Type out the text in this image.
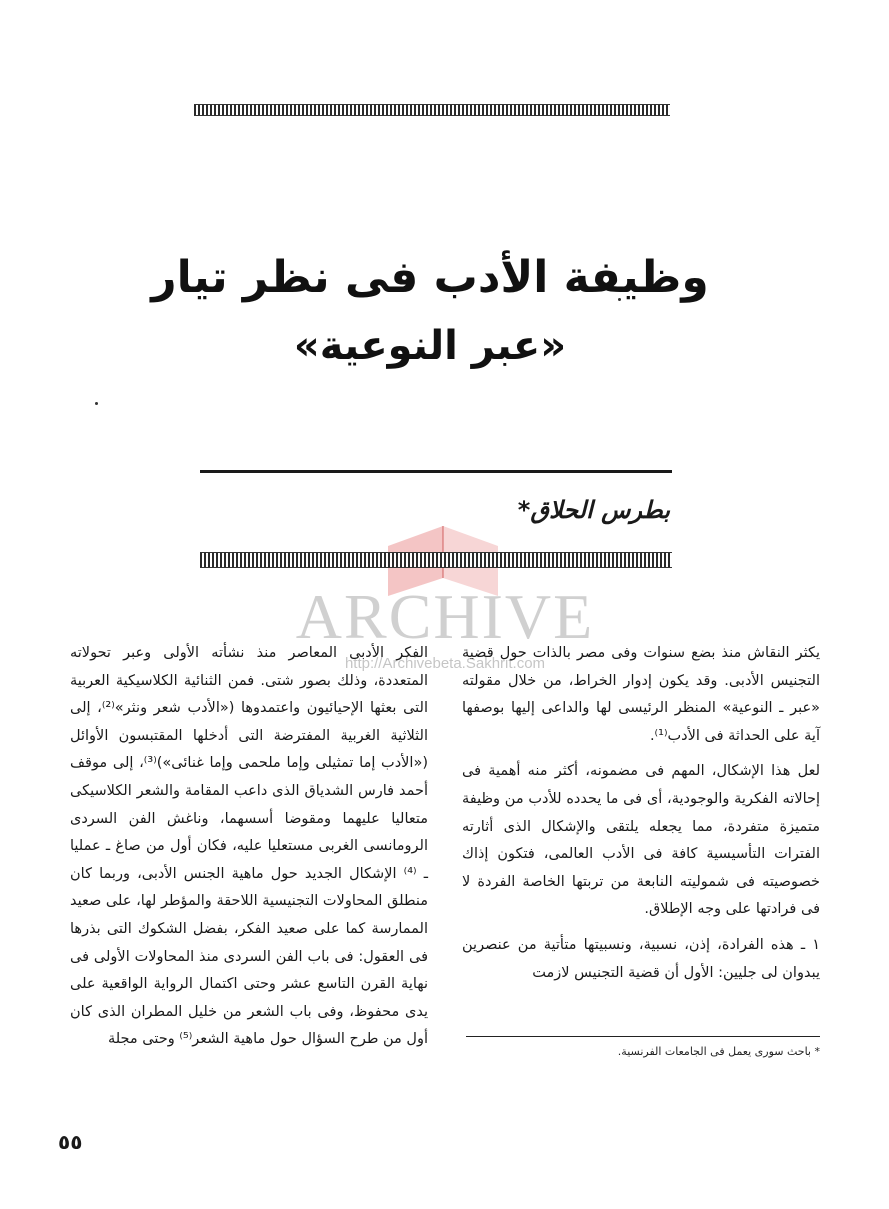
وظيفة الأدب فى نظر تيار
«عبر النوعية»
بطرس الحلاق*
ARCHIVE
http://Archivebeta.Sakhrit.com

يكثر النقاش منذ بضع سنوات وفى مصر بالذات حول قضية التجنيس الأدبى. وقد يكون إدوار الخراط، من خلال مقولته «عبر ـ النوعية» المنظر الرئيسى لها والداعى إليها بوصفها آية على الحداثة فى الأدب⁽¹⁾.

لعل هذا الإشكال، المهم فى مضمونه، أكثر منه أهمية فى إحالاته الفكرية والوجودية، أى فى ما يحدده للأدب من وظيفة متميزة متفردة، مما يجعله يلتقى والإشكال الذى أثارته الفترات التأسيسية كافة فى الأدب العالمى، فتكون إذاك خصوصيته فى شموليته النابعة من تربتها الخاصة الفردة لا فى فرادتها على وجه الإطلاق.

١ ـ هذه الفرادة، إذن، نسبية، ونسبيتها متأتية من عنصرين يبدوان لى جليين: الأول أن قضية التجنيس لازمت

الفكر الأدبى المعاصر منذ نشأته الأولى وعبر تحولاته المتعددة، وذلك بصور شتى. فمن الثنائية الكلاسيكية العربية التى بعثها الإحيائيون واعتمدوها («الأدب شعر ونثر»⁽²⁾، إلى الثلاثية الغربية المفترضة التى أدخلها المقتبسون الأوائل («الأدب إما تمثيلى وإما ملحمى وإما غنائى»)⁽³⁾، إلى موقف أحمد فارس الشدياق الذى داعب المقامة والشعر الكلاسيكى متعاليا عليهما ومقوضا أسسهما، وناغش الفن السردى الرومانسى الغربى مستعليا عليه، فكان أول من صاغ ـ عمليا ـ ⁽⁴⁾ الإشكال الجديد حول ماهية الجنس الأدبى، وربما كان منطلق المحاولات التجنيسية اللاحقة والمؤطر لها، على صعيد الممارسة كما على صعيد الفكر، بفضل الشكوك التى بذرها فى العقول: فى باب الفن السردى منذ المحاولات الأولى فى نهاية القرن التاسع عشر وحتى اكتمال الرواية الواقعية على يدى محفوظ، وفى باب الشعر من خليل المطران الذى كان أول من طرح السؤال حول ماهية الشعر⁽⁵⁾ وحتى مجلة

* باحث سورى يعمل فى الجامعات الفرنسية.
٥٥
